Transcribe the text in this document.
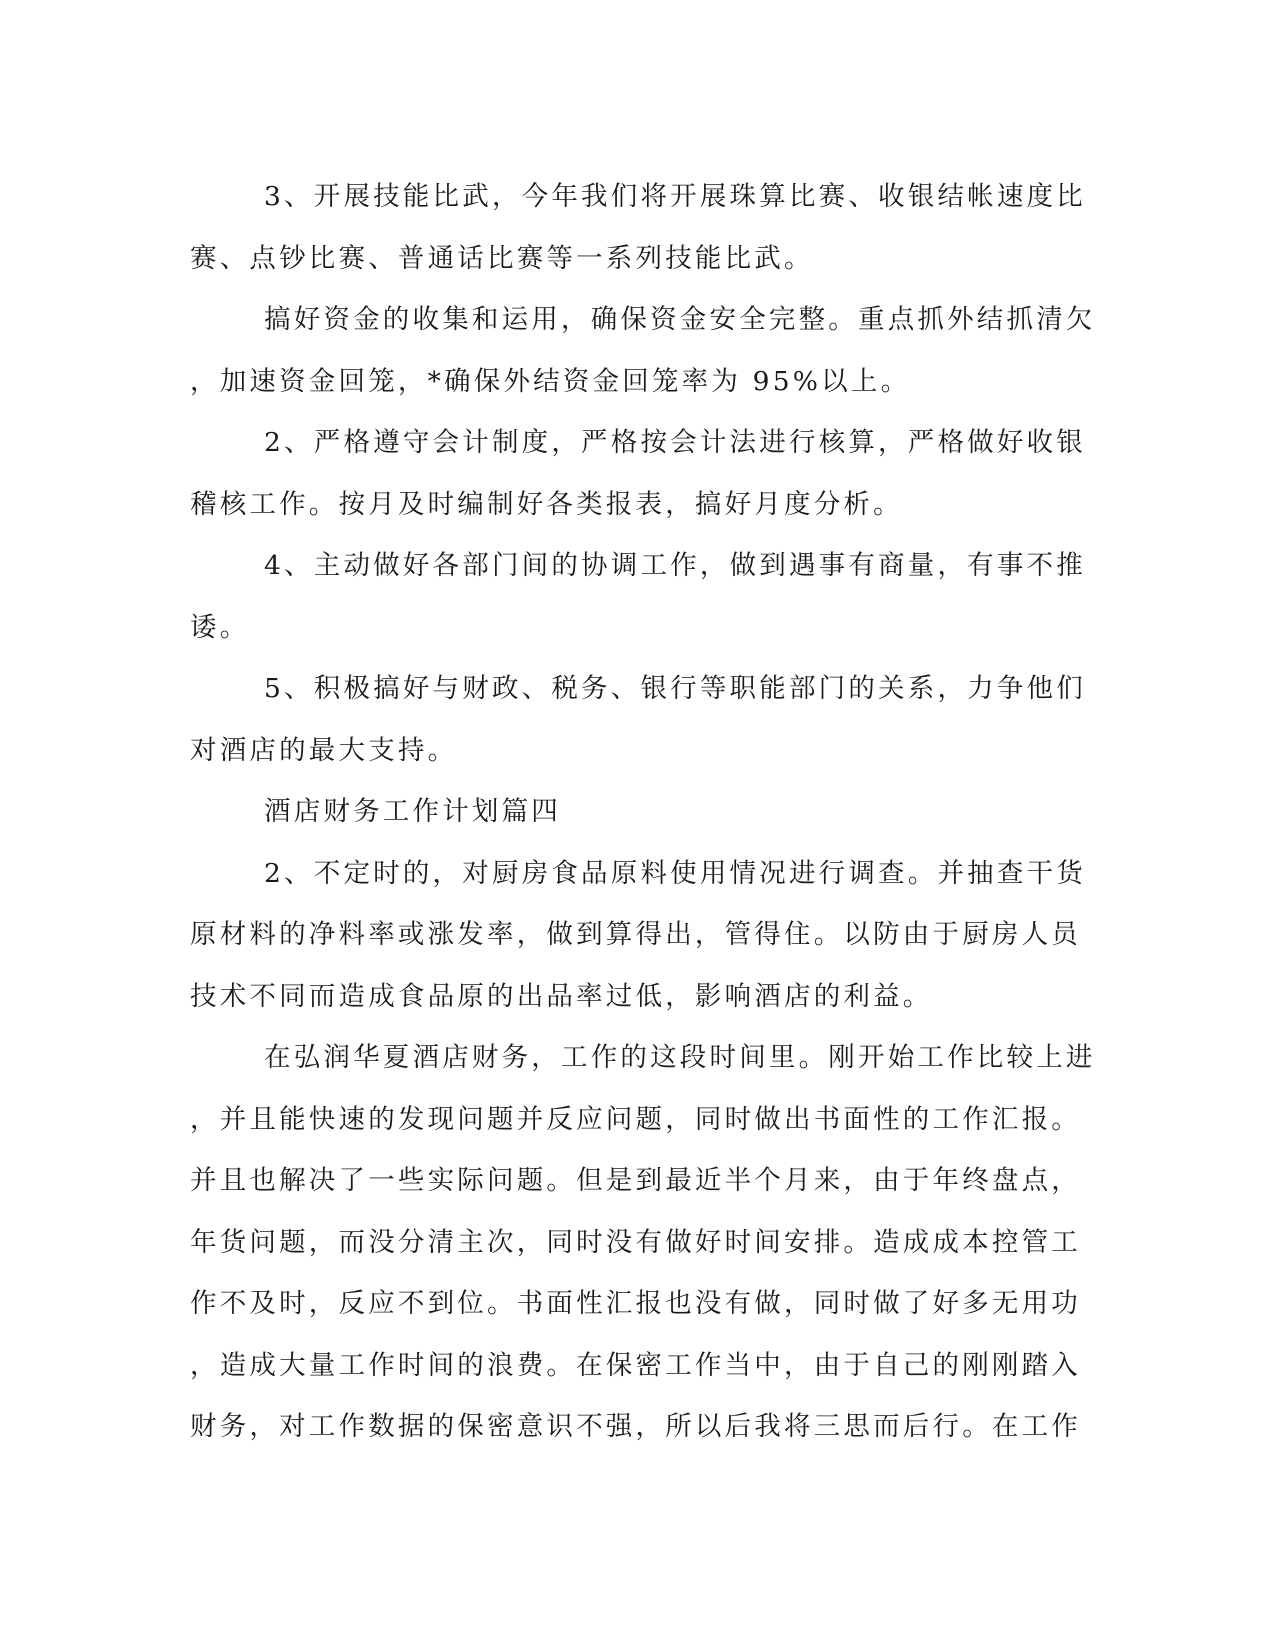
3、开展技能比武，今年我们将开展珠算比赛、收银结帐速度比
赛、点钞比赛、普通话比赛等一系列技能比武。
搞好资金的收集和运用，确保资金安全完整。重点抓外结抓清欠
，加速资金回笼，*确保外结资金回笼率为 95%以上。
2、严格遵守会计制度，严格按会计法进行核算，严格做好收银
稽核工作。按月及时编制好各类报表，搞好月度分析。
4、主动做好各部门间的协调工作，做到遇事有商量，有事不推
诿。
5、积极搞好与财政、税务、银行等职能部门的关系，力争他们
对酒店的最大支持。
酒店财务工作计划篇四
2、不定时的，对厨房食品原料使用情况进行调查。并抽查干货
原材料的净料率或涨发率，做到算得出，管得住。以防由于厨房人员
技术不同而造成食品原的出品率过低，影响酒店的利益。
在弘润华夏酒店财务，工作的这段时间里。刚开始工作比较上进
，并且能快速的发现问题并反应问题，同时做出书面性的工作汇报。
并且也解决了一些实际问题。但是到最近半个月来，由于年终盘点，
年货问题，而没分清主次，同时没有做好时间安排。造成成本控管工
作不及时，反应不到位。书面性汇报也没有做，同时做了好多无用功
，造成大量工作时间的浪费。在保密工作当中，由于自己的刚刚踏入
财务，对工作数据的保密意识不强，所以后我将三思而后行。在工作
